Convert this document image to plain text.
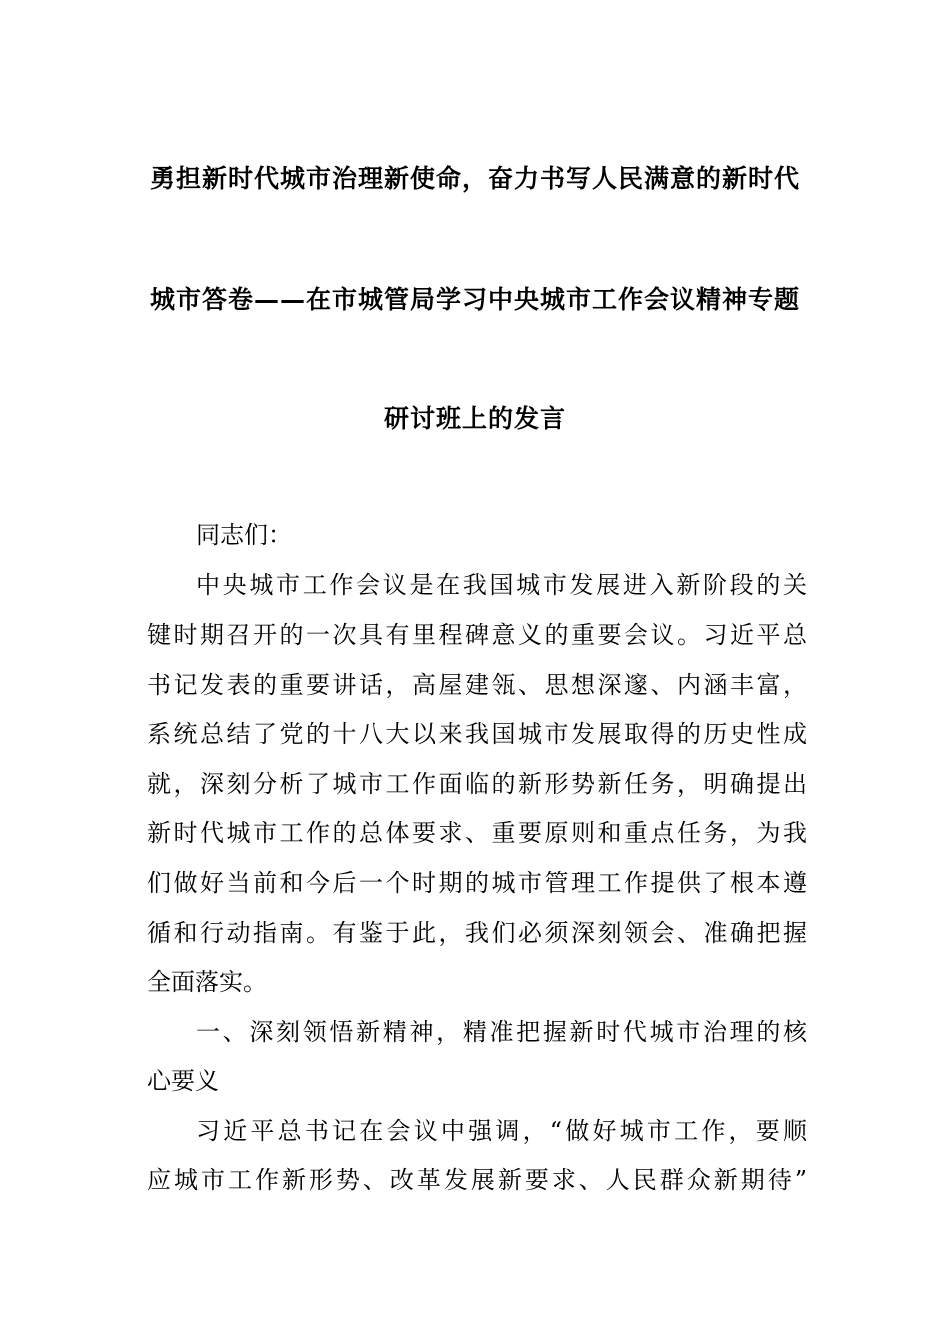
勇担新时代城市治理新使命，奋力书写人民满意的新时代
城市答卷——在市城管局学习中央城市工作会议精神专题
研讨班上的发言
同志们：
中央城市工作会议是在我国城市发展进入新阶段的关
键时期召开的一次具有里程碑意义的重要会议。习近平总
书记发表的重要讲话，高屋建瓴、思想深邃、内涵丰富，
系统总结了党的十八大以来我国城市发展取得的历史性成
就，深刻分析了城市工作面临的新形势新任务，明确提出
新时代城市工作的总体要求、重要原则和重点任务，为我
们做好当前和今后一个时期的城市管理工作提供了根本遵
循和行动指南。有鉴于此，我们必须深刻领会、准确把握
全面落实。
一、深刻领悟新精神，精准把握新时代城市治理的核
心要义
习近平总书记在会议中强调，“做好城市工作，要顺
应城市工作新形势、改革发展新要求、人民群众新期待”
